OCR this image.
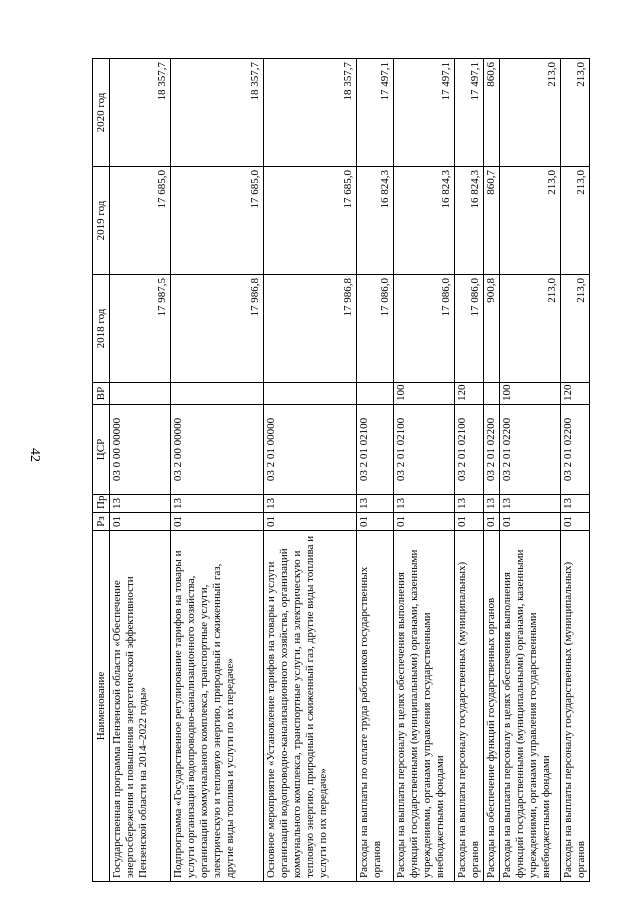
42
Наименование	Рз	Пр	ЦСР	ВР	2018 год	2019 год	2020 год
Государственная программа Пензенской области «Обеспечение энергосбережения и повышения энергетической эффективности Пензенской области на 2014–2022 годы»	01	13	03 0 00 00000		17 987,5	17 685,0	18 357,7
Подпрограмма «Государственное регулирование тарифов на товары и услуги организаций водопроводно-канализационного хозяйства, организаций коммунального комплекса, транспортные услуги, электрическую и тепловую энергию, природный и сжиженный газ, другие виды топлива и услуги по их передаче»	01	13	03 2 00 00000		17 986,8	17 685,0	18 357,7
Основное мероприятие «Установление тарифов на товары и услуги организаций водопроводно-канализационного хозяйства, организаций коммунального комплекса, транспортные услуги, на электрическую и тепловую энергию, природный и сжиженный газ, другие виды топлива и услуги по их передаче»	01	13	03 2 01 00000		17 986,8	17 685,0	18 357,7
Расходы на выплаты по оплате труда работников государственных органов	01	13	03 2 01 02100		17 086,0	16 824,3	17 497,1
Расходы на выплаты персоналу в целях обеспечения выполнения функций государственными (муниципальными) органами, казенными учреждениями, органами управления государственными внебюджетными фондами	01	13	03 2 01 02100	100	17 086,0	16 824,3	17 497,1
Расходы на выплаты персоналу государственных (муниципальных) органов	01	13	03 2 01 02100	120	17 086,0	16 824,3	17 497,1
Расходы на обеспечение функций государственных органов	01	13	03 2 01 02200		900,8	860,7	860,6
Расходы на выплаты персоналу в целях обеспечения выполнения функций государственными (муниципальными) органами, казенными учреждениями, органами управления государственными внебюджетными фондами	01	13	03 2 01 02200	100	213,0	213,0	213,0
Расходы на выплаты персоналу государственных (муниципальных) органов	01	13	03 2 01 02200	120	213,0	213,0	213,0
